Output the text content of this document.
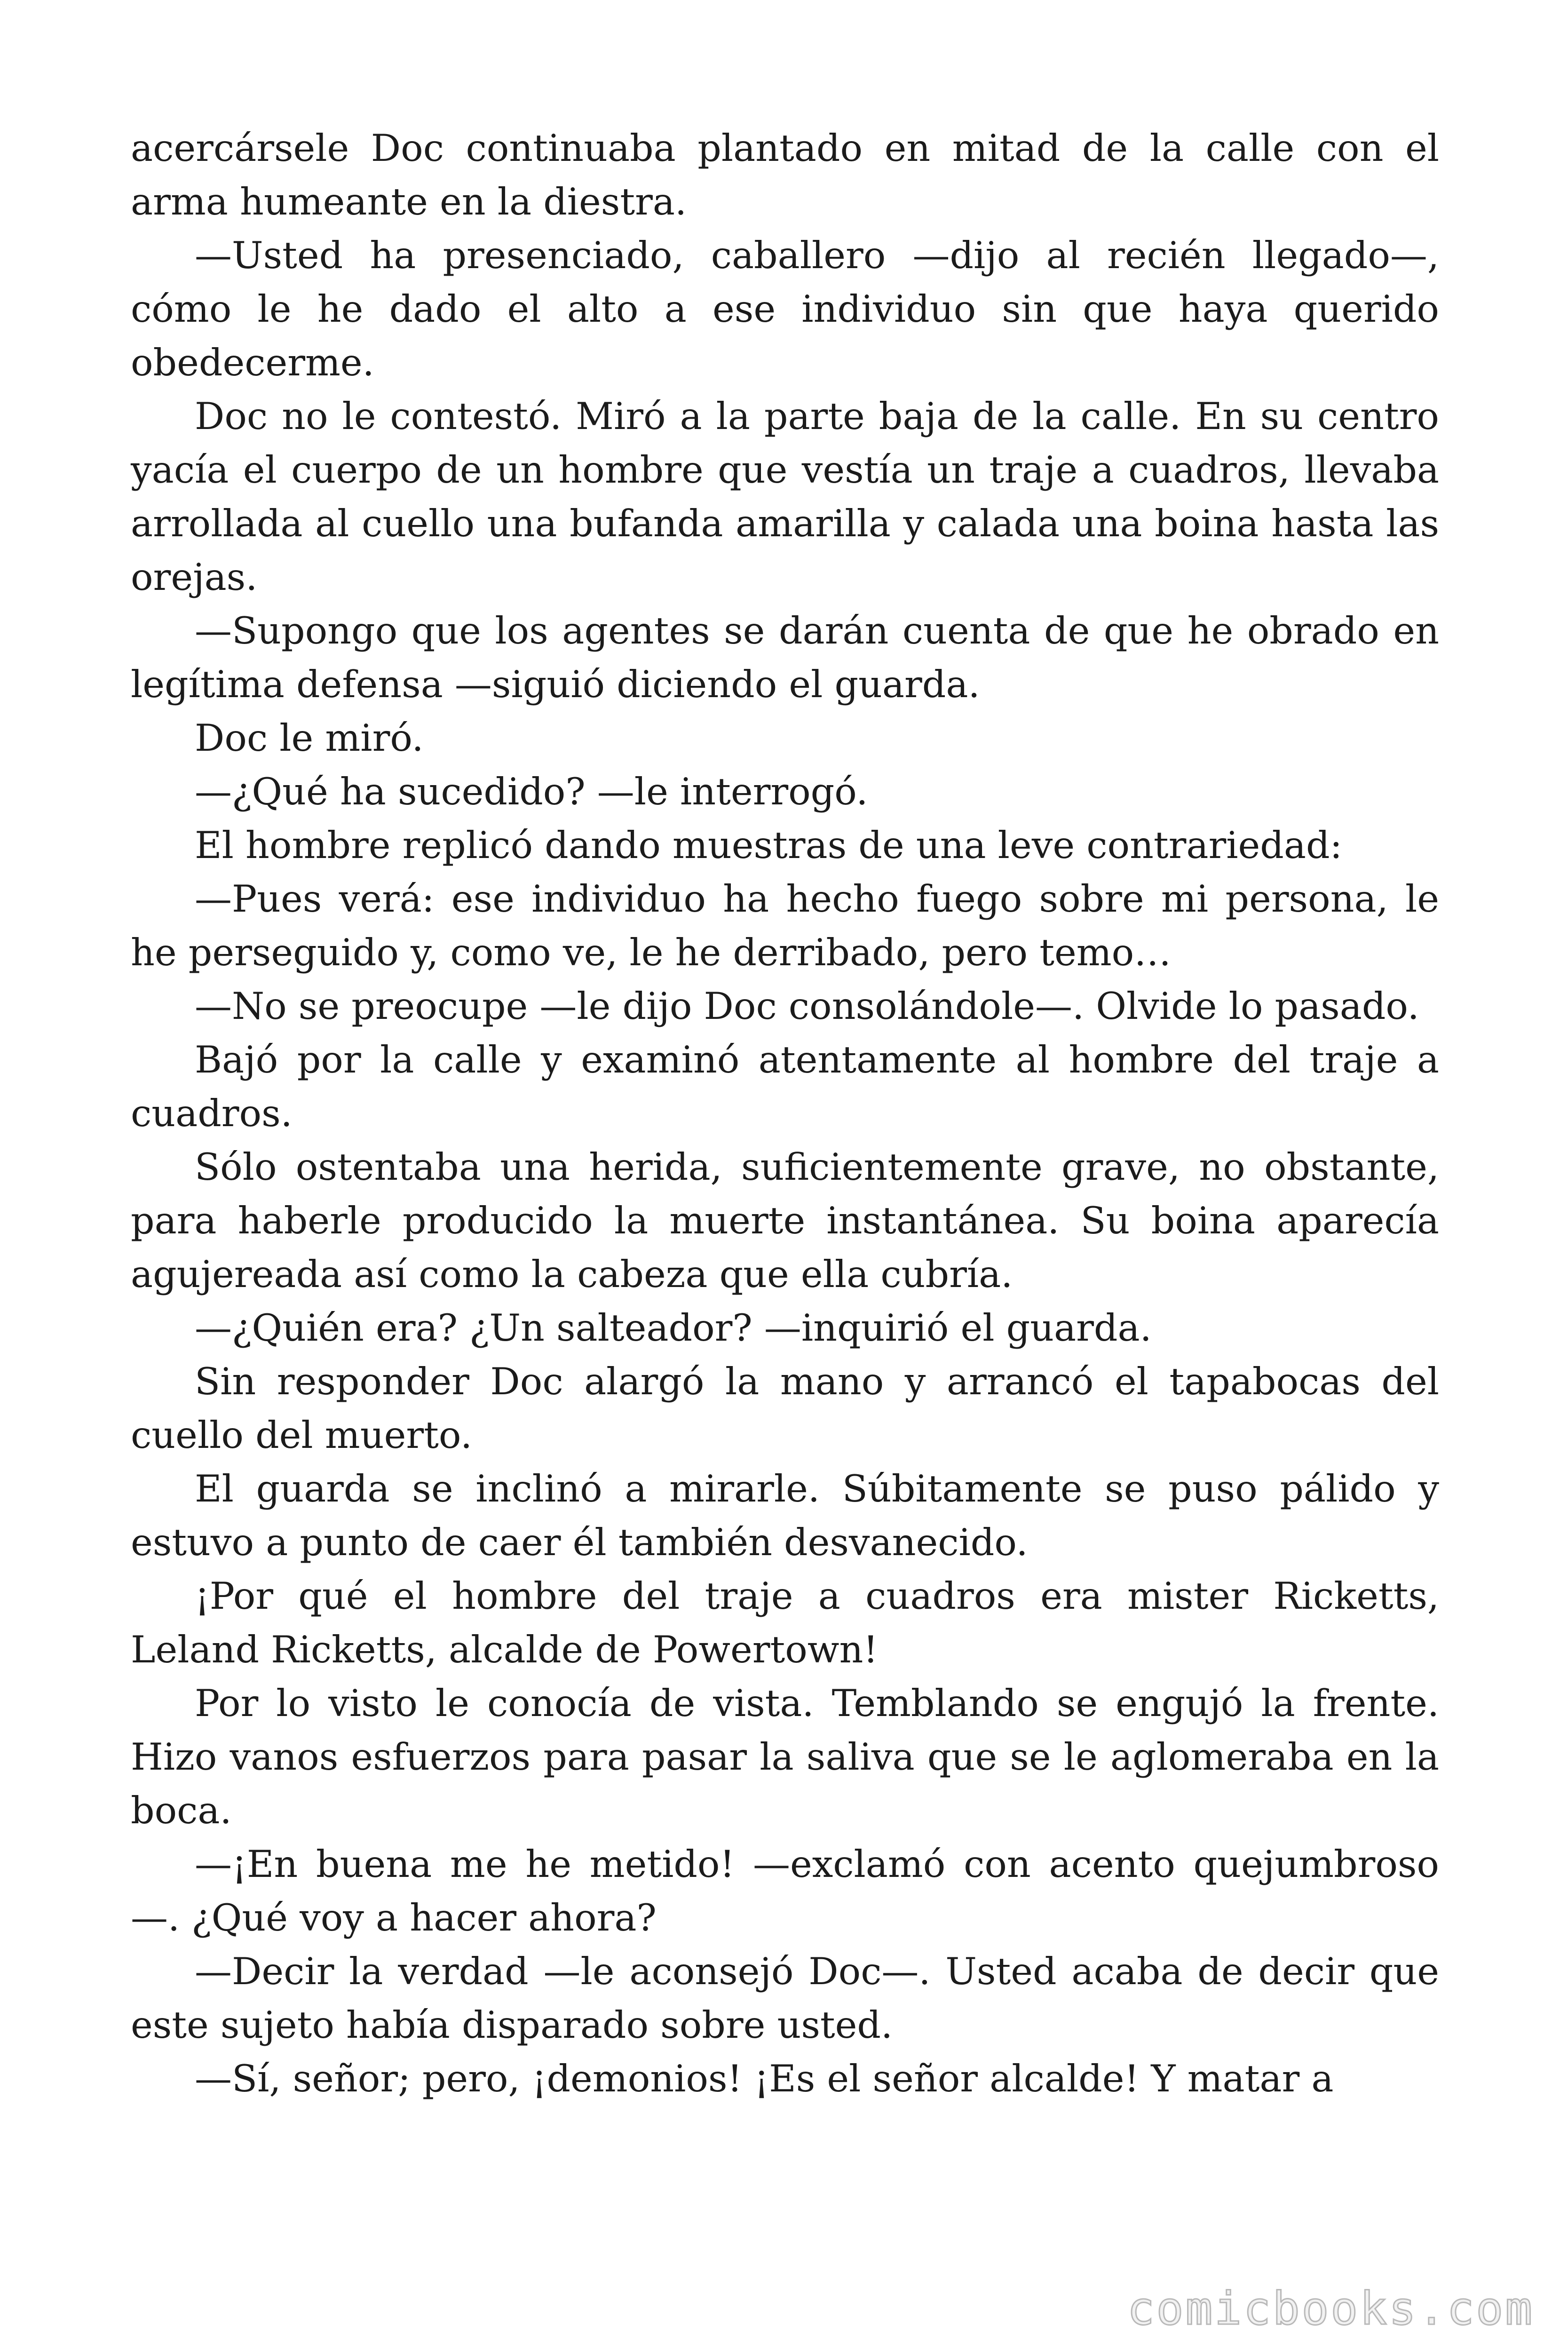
acercársele Doc continuaba plantado en mitad de la calle con el arma humeante en la diestra.

—Usted ha presenciado, caballero —dijo al recién llegado—, cómo le he dado el alto a ese individuo sin que haya querido obedecerme.

Doc no le contestó. Miró a la parte baja de la calle. En su centro yacía el cuerpo de un hombre que vestía un traje a cuadros, llevaba arrollada al cuello una bufanda amarilla y calada una boina hasta las orejas.

—Supongo que los agentes se darán cuenta de que he obrado en legítima defensa —siguió diciendo el guarda.

Doc le miró.

—¿Qué ha sucedido? —le interrogó.

El hombre replicó dando muestras de una leve contrariedad:

—Pues verá: ese individuo ha hecho fuego sobre mi persona, le he perseguido y, como ve, le he derribado, pero temo…

—No se preocupe —le dijo Doc consolándole—. Olvide lo pasado.

Bajó por la calle y examinó atentamente al hombre del traje a cuadros.

Sólo ostentaba una herida, suficientemente grave, no obstante, para haberle producido la muerte instantánea. Su boina aparecía agujereada así como la cabeza que ella cubría.

—¿Quién era? ¿Un salteador? —inquirió el guarda.

Sin responder Doc alargó la mano y arrancó el tapabocas del cuello del muerto.

El guarda se inclinó a mirarle. Súbitamente se puso pálido y estuvo a punto de caer él también desvanecido.

¡Por qué el hombre del traje a cuadros era mister Ricketts, Leland Ricketts, alcalde de Powertown!

Por lo visto le conocía de vista. Temblando se engujó la frente. Hizo vanos esfuerzos para pasar la saliva que se le aglomeraba en la boca.

—¡En buena me he metido! —exclamó con acento quejumbroso —. ¿Qué voy a hacer ahora?

—Decir la verdad —le aconsejó Doc—. Usted acaba de decir que este sujeto había disparado sobre usted.

—Sí, señor; pero, ¡demonios! ¡Es el señor alcalde! Y matar a

comicbooks.com
